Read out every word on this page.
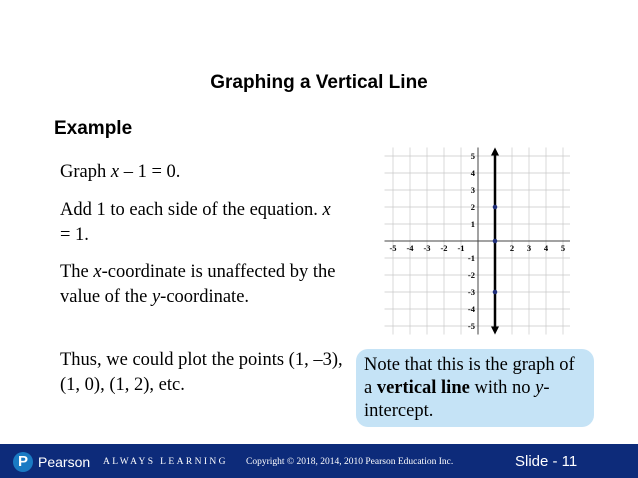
Graphing a Vertical Line
Example
Graph x – 1 = 0.
Add 1 to each side of the equation. x = 1.
The x-coordinate is unaffected by the value of the y-coordinate.
Thus, we could plot the points (1, –3), (1, 0), (1, 2), etc.
Note that this is the graph of a vertical line with no y-intercept.
-5 -4 -3 -2 -1	2 3 4 5
5
4
3
2
1
-1
-2
-3
-4
-5
P Pearson ALWAYS LEARNING Copyright © 2018, 2014, 2010 Pearson Education Inc.	Slide - 11
